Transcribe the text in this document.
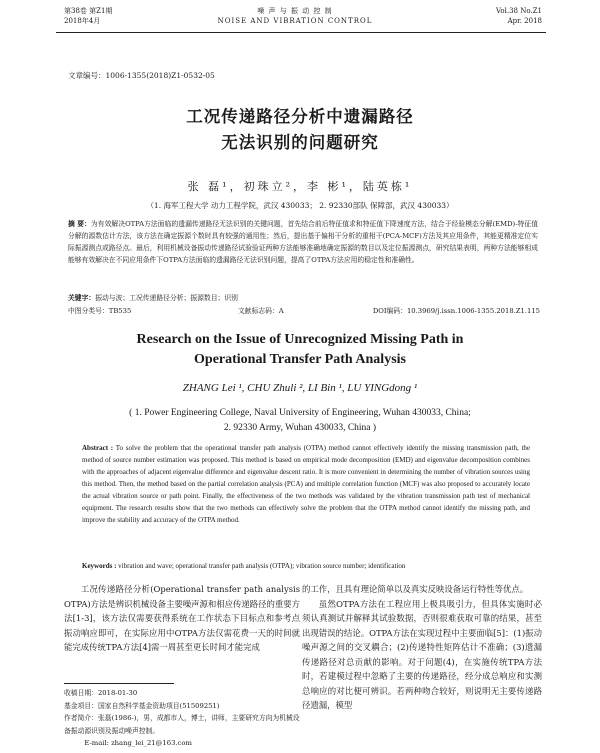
第38卷 第Z1期
2018年4月
噪 声 与 振 动 控 制
NOISE AND VIBRATION CONTROL
Vol.38 No.Z1
Apr. 2018
文章编号：1006-1355(2018)Z1-0532-05
工况传递路径分析中遗漏路径
无法识别的问题研究
张 磊¹，初珠立²，李 彬¹，陆英栋¹
（1. 海军工程大学 动力工程学院，武汉 430033； 2. 92330部队 保障部，武汉 430033）
摘 要：为有效解决OTPA方法面临的遗漏传递路径无法识别的关键问题，首先结合前后特征值求和特征值下降速度方法，结合于经验模态分解(EMD)-特征值分解的源数估计方法，该方法在确定振源个数时具有较强的通用性；然后，提出基于偏相干分析的重相干(PCA-MCF)方法及其应用条件，其能更精准定位实际振源测点或路径点。最后，利用机械设备振动传递路径试验验证两种方法能够准确地确定振源的数目以及定位振源测点，研究结果表明，两种方法能够相成能够有效解决在不同应用条件下OTPA方法面临的遗漏路径无法识别问题，提高了OTPA方法应用的稳定性和准确性。
关键字：振动与波；工况传递路径分析；振源数目；识别
中图分类号：TB535	文献标志码：A	DOI编码：10.3969/j.issn.1006-1355.2018.Z1.115
Research on the Issue of Unrecognized Missing Path in
Operational Transfer Path Analysis
ZHANG Lei ¹, CHU Zhuli ², LI Bin ¹, LU YINGdong ¹
( 1. Power Engineering College, Naval University of Engineering, Wuhan 430033, China;
2. 92330 Army, Wuhan 430033, China )
Abstract : To solve the problem that the operational transfer path analysis (OTPA) method cannot effectively identify the missing transmission path, the method of source number estimation was proposed. This method is based on empirical mode decomposition (EMD) and eigenvalue decomposition combines with the approaches of adjacent eigenvalue difference and eigenvalue descent ratio. It is more convenient in determining the number of vibration sources using this method. Then, the method based on the partial correlation analysis (PCA) and multiple correlation function (MCF) was also proposed to accurately locate the actual vibration source or path point. Finally, the effectiveness of the two methods was validated by the vibration transmission path test of mechanical equipment. The research results show that the two methods can effectively solve the problem that the OTPA method cannot identify the missing path, and improve the stability and accuracy of the OTPA method.
Keywords : vibration and wave; operational transfer path analysis (OTPA); vibration source number; identification
工况传递路径分析(Operational transfer path analysis OTPA)方法是辨识机械设备主要噪声源和相应传递路径的重要方法[1-3]，该方法仅需要获得系统在工作状态下目标点和参考点振动响应即可，在实际应用中OTPA方法仅需花费一天的时间就能完成传统TPA方法[4]需一周甚至更长时间才能完成
的工作，且具有理论简单以及真实反映设备运行特性等优点。
虽然OTPA方法在工程应用上极具吸引力，但具体实施时必须认真测试并解释其试验数据，否则很难获取可靠的结果，甚至出现错误的结论。OTPA方法在实现过程中主要面临[5]：(1)振动噪声源之间的交叉耦合；(2)传递特性矩阵估计不准确；(3)遗漏传递路径对总贡献的影响。对于问题(4)，在实施传统TPA方法时，若建模过程中忽略了主要的传递路径，经分成总响应和实测总响应的对比便可辨识。若两种吻合较好，则说明无主要传递路径遗漏，模型
收稿日期：2018-01-30
基金项目：国家自然科学基金资助项目(51509251)
作者简介：张磊(1986-)，男，成都市人，博士，讲师，主要研究方向为机械设备振动源识别及振动噪声控制。
E-mail: zhang_lei_21@163.com
